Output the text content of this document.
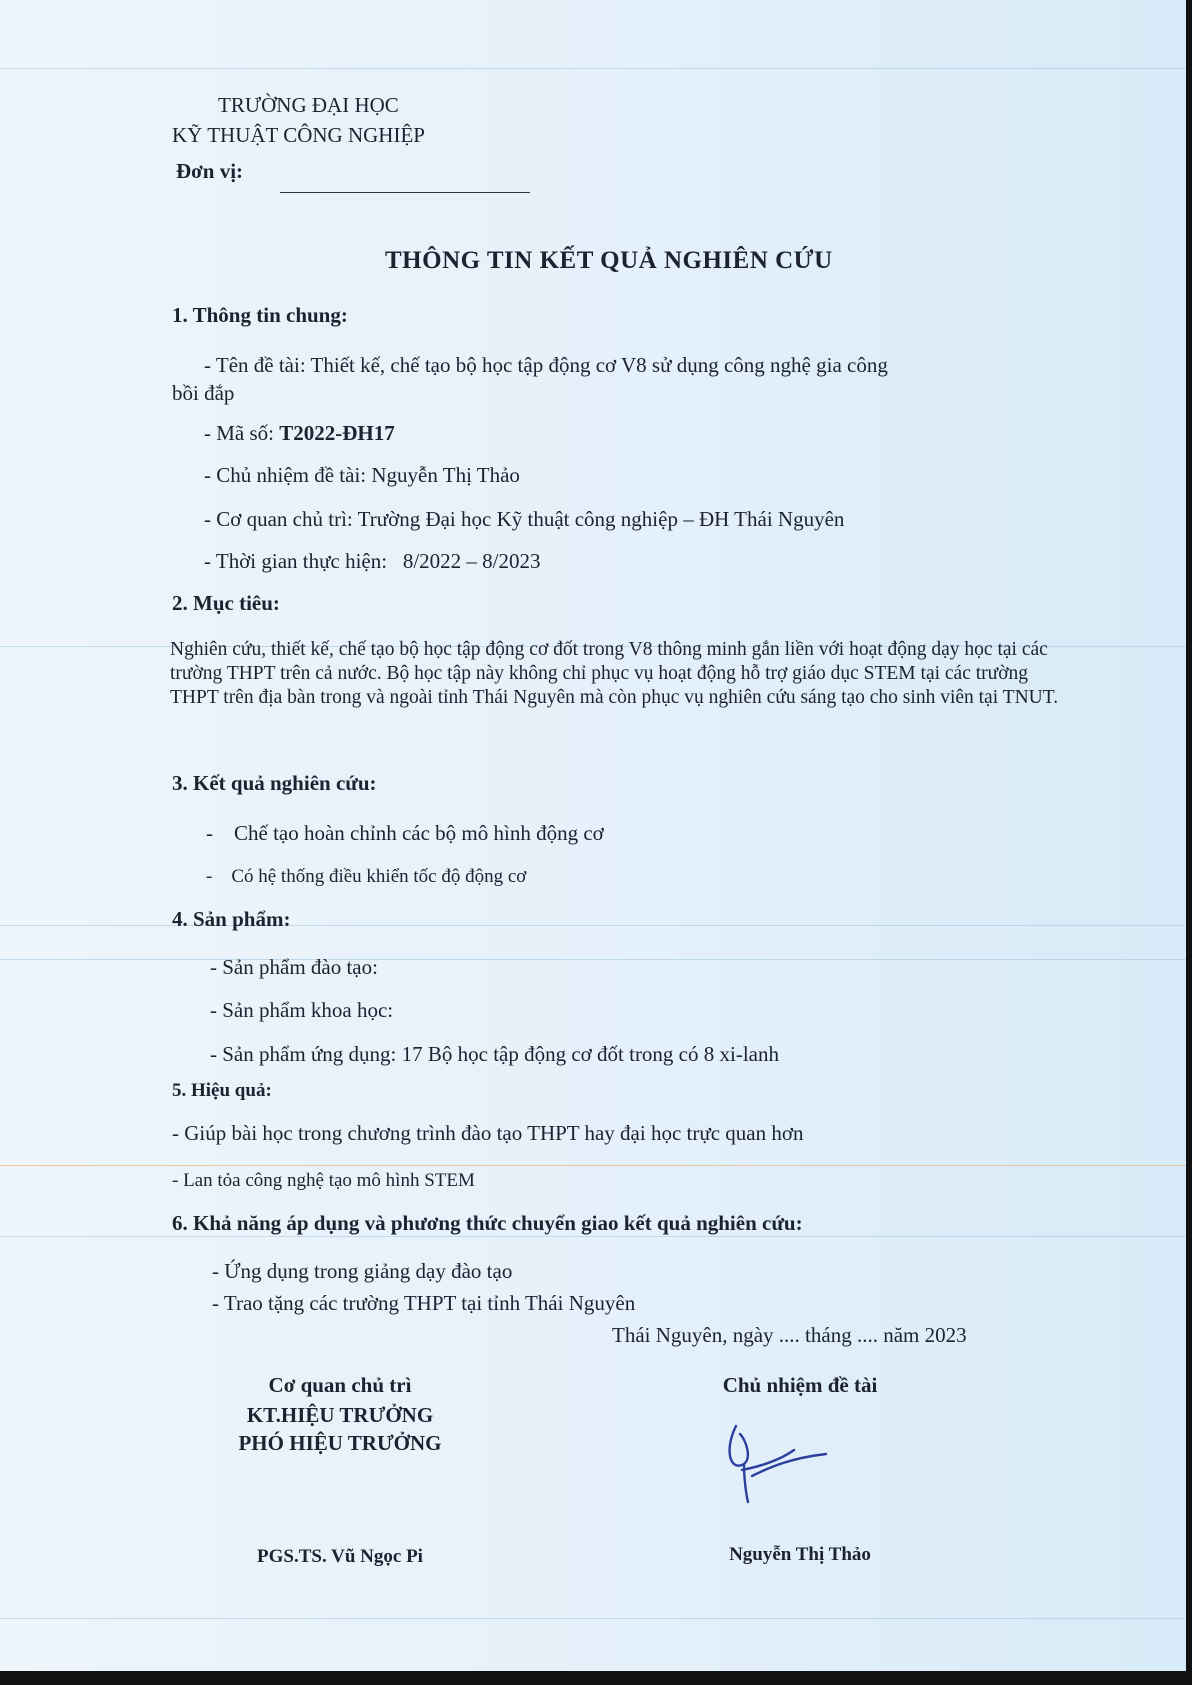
TRƯỜNG ĐẠI HỌC
KỸ THUẬT CÔNG NGHIỆP
Đơn vị:
THÔNG TIN KẾT QUẢ NGHIÊN CỨU
1. Thông tin chung:
- Tên đề tài: Thiết kế, chế tạo bộ học tập động cơ V8 sử dụng công nghệ gia công
bồi đắp
- Mã số: T2022-ĐH17
- Chủ nhiệm đề tài: Nguyễn Thị Thảo
- Cơ quan chủ trì: Trường Đại học Kỹ thuật công nghiệp – ĐH Thái Nguyên
- Thời gian thực hiện: 8/2022 – 8/2023
2. Mục tiêu:
Nghiên cứu, thiết kế, chế tạo bộ học tập động cơ đốt trong V8 thông minh gắn liền với hoạt động dạy học tại các trường THPT trên cả nước. Bộ học tập này không chỉ phục vụ hoạt động hỗ trợ giáo dục STEM tại các trường THPT trên địa bàn trong và ngoài tỉnh Thái Nguyên mà còn phục vụ nghiên cứu sáng tạo cho sinh viên tại TNUT.
3. Kết quả nghiên cứu:
-    Chế tạo hoàn chỉnh các bộ mô hình động cơ
-    Có hệ thống điều khiển tốc độ động cơ
4. Sản phẩm:
- Sản phẩm đào tạo:
- Sản phẩm khoa học:
- Sản phẩm ứng dụng: 17 Bộ học tập động cơ đốt trong có 8 xi-lanh
5. Hiệu quả:
- Giúp bài học trong chương trình đào tạo THPT hay đại học trực quan hơn
- Lan tỏa công nghệ tạo mô hình STEM
6. Khả năng áp dụng và phương thức chuyển giao kết quả nghiên cứu:
- Ứng dụng trong giảng dạy đào tạo
- Trao tặng các trường THPT tại tỉnh Thái Nguyên
Thái Nguyên, ngày .... tháng .... năm 2023
Cơ quan chủ trì
KT.HIỆU TRƯỞNG
PHÓ HIỆU TRƯỞNG
PGS.TS. Vũ Ngọc Pi
Chủ nhiệm đề tài
Nguyễn Thị Thảo
